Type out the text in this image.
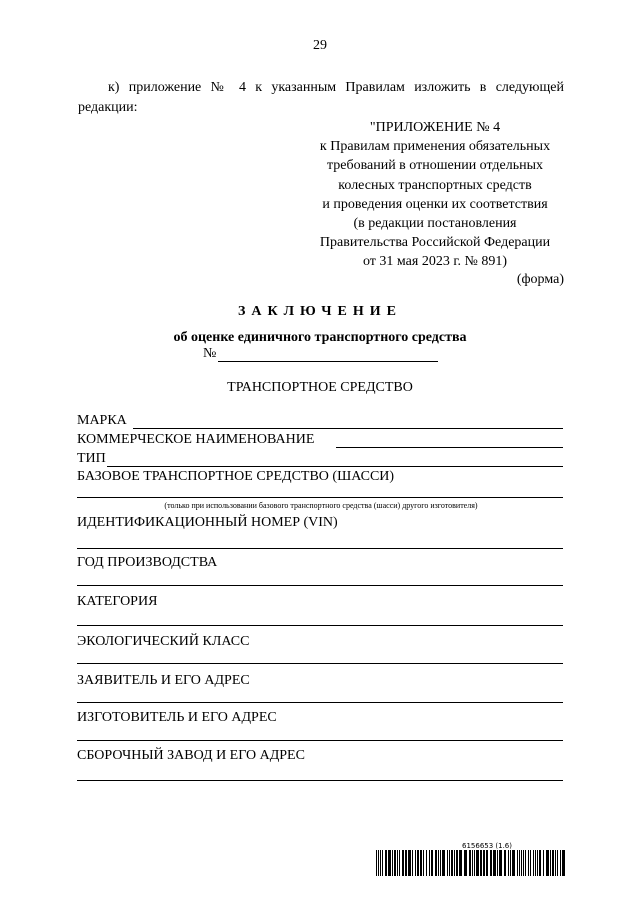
29
к) приложение № 4 к указанным Правилам изложить в следующей редакции:
"ПРИЛОЖЕНИЕ № 4
к Правилам применения обязательных
требований в отношении отдельных
колесных транспортных средств
и проведения оценки их соответствия
(в редакции постановления
Правительства Российской Федерации
от 31 мая 2023 г. № 891)
(форма)
ЗАКЛЮЧЕНИЕ
об оценке единичного транспортного средства
№
ТРАНСПОРТНОЕ СРЕДСТВО
МАРКА
КОММЕРЧЕСКОЕ НАИМЕНОВАНИЕ
ТИП
БАЗОВОЕ ТРАНСПОРТНОЕ СРЕДСТВО (ШАССИ)
(только при использовании базового транспортного средства (шасси) другого изготовителя)
ИДЕНТИФИКАЦИОННЫЙ НОМЕР (VIN)
ГОД ПРОИЗВОДСТВА
КАТЕГОРИЯ
ЭКОЛОГИЧЕСКИЙ КЛАСС
ЗАЯВИТЕЛЬ И ЕГО АДРЕС
ИЗГОТОВИТЕЛЬ И ЕГО АДРЕС
СБОРОЧНЫЙ ЗАВОД И ЕГО АДРЕС
6156653 (1.6)
